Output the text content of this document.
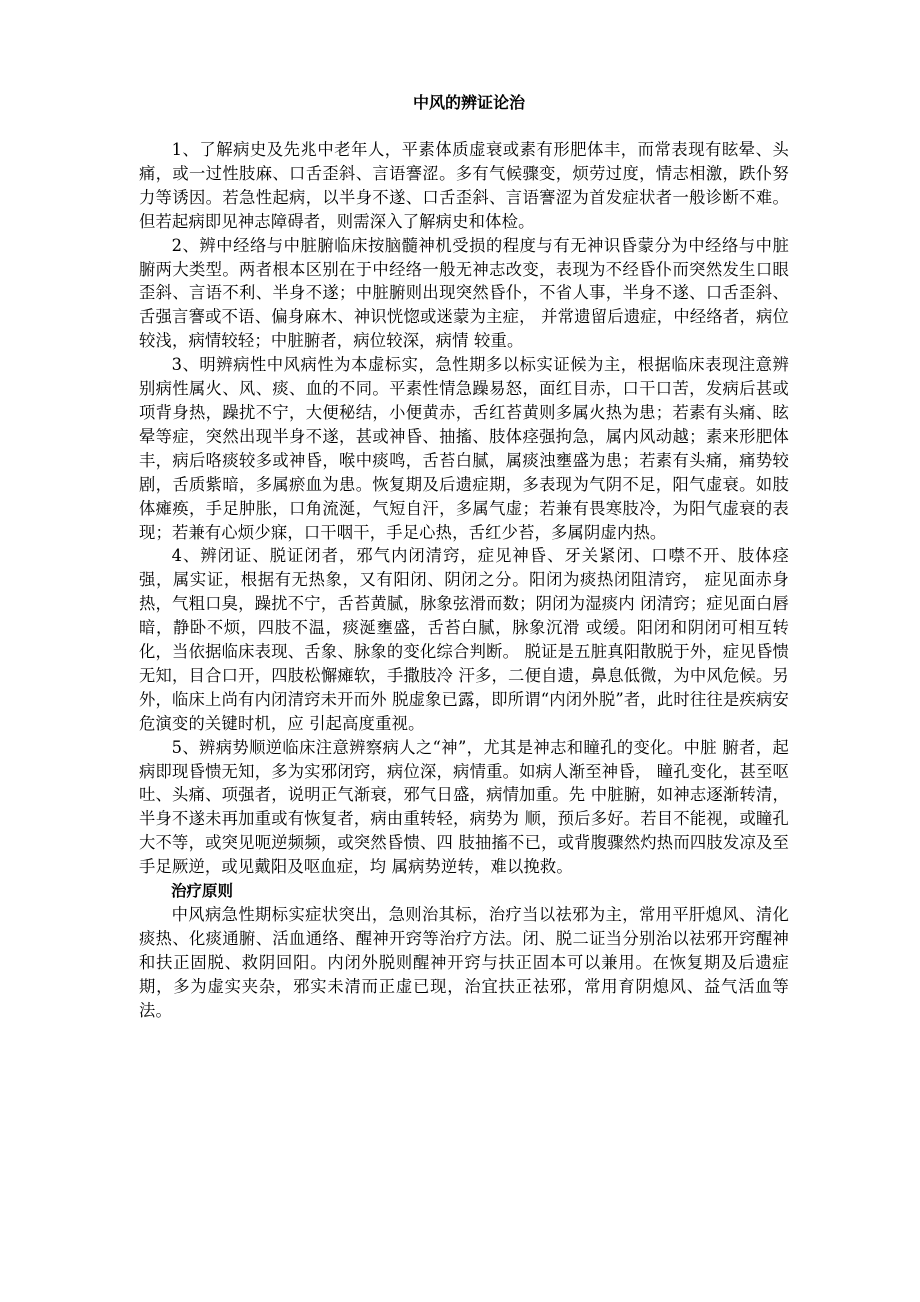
中风的辨证论治

1、了解病史及先兆中老年人，平素体质虚衰或素有形肥体丰，而常表现有眩晕、头痛，或一过性肢麻、口舌歪斜、言语謇涩。多有气候骤变，烦劳过度，情志相激，跌仆努力等诱因。若急性起病，以半身不遂、口舌歪斜、言语謇涩为首发症状者一般诊断不难。但若起病即见神志障碍者，则需深入了解病史和体检。

2、辨中经络与中脏腑临床按脑髓神机受损的程度与有无神识昏蒙分为中经络与中脏腑两大类型。两者根本区别在于中经络一般无神志改变，表现为不经昏仆而突然发生口眼歪斜、言语不利、半身不遂；中脏腑则出现突然昏仆，不省人事，半身不遂、口舌歪斜、舌强言謇或不语、偏身麻木、神识恍惚或迷蒙为主症， 并常遗留后遗症，中经络者，病位较浅，病情较轻；中脏腑者，病位较深，病情 较重。

3、明辨病性中风病性为本虚标实，急性期多以标实证候为主，根据临床表现注意辨别病性属火、风、痰、血的不同。平素性情急躁易怒，面红目赤，口干口苦，发病后甚或项背身热，躁扰不宁，大便秘结，小便黄赤，舌红苔黄则多属火热为患；若素有头痛、眩晕等症，突然出现半身不遂，甚或神昏、抽搐、肢体痉强拘急，属内风动越；素来形肥体丰，病后咯痰较多或神昏，喉中痰鸣，舌苔白腻，属痰浊壅盛为患；若素有头痛，痛势较剧，舌质紫暗，多属瘀血为患。恢复期及后遗症期，多表现为气阴不足，阳气虚衰。如肢体瘫痪，手足肿胀，口角流涎，气短自汗，多属气虚；若兼有畏寒肢冷，为阳气虚衰的表现；若兼有心烦少寐，口干咽干，手足心热，舌红少苔，多属阴虚内热。

4、辨闭证、脱证闭者，邪气内闭清窍，症见神昏、牙关紧闭、口噤不开、肢体痉强，属实证，根据有无热象，又有阳闭、阴闭之分。阳闭为痰热闭阻清窍， 症见面赤身热，气粗口臭，躁扰不宁，舌苔黄腻，脉象弦滑而数；阴闭为湿痰内 闭清窍；症见面白唇暗，静卧不烦，四肢不温，痰涎壅盛，舌苔白腻，脉象沉滑 或缓。阳闭和阴闭可相互转化，当依据临床表现、舌象、脉象的变化综合判断。 脱证是五脏真阳散脱于外，症见昏愦无知，目合口开，四肢松懈瘫软，手撒肢冷 汗多，二便自遗，鼻息低微，为中风危候。另外，临床上尚有内闭清窍未开而外 脱虚象已露，即所谓“内闭外脱”者，此时往往是疾病安危演变的关键时机，应 引起高度重视。

5、辨病势顺逆临床注意辨察病人之“神”，尤其是神志和瞳孔的变化。中脏 腑者，起病即现昏愦无知，多为实邪闭窍，病位深，病情重。如病人渐至神昏， 瞳孔变化，甚至呕吐、头痛、项强者，说明正气渐衰，邪气日盛，病情加重。先 中脏腑，如神志逐渐转清，半身不遂未再加重或有恢复者，病由重转轻，病势为 顺，预后多好。若目不能视，或瞳孔大不等，或突见呃逆频频，或突然昏愦、四 肢抽搐不已，或背腹骤然灼热而四肢发凉及至手足厥逆，或见戴阳及呕血症，均 属病势逆转，难以挽救。

治疗原则

中风病急性期标实症状突出，急则治其标，治疗当以祛邪为主，常用平肝熄风、清化痰热、化痰通腑、活血通络、醒神开窍等治疗方法。闭、脱二证当分别治以祛邪开窍醒神和扶正固脱、救阴回阳。内闭外脱则醒神开窍与扶正固本可以兼用。在恢复期及后遗症期，多为虚实夹杂，邪实未清而正虚已现，治宜扶正祛邪，常用育阴熄风、益气活血等法。
